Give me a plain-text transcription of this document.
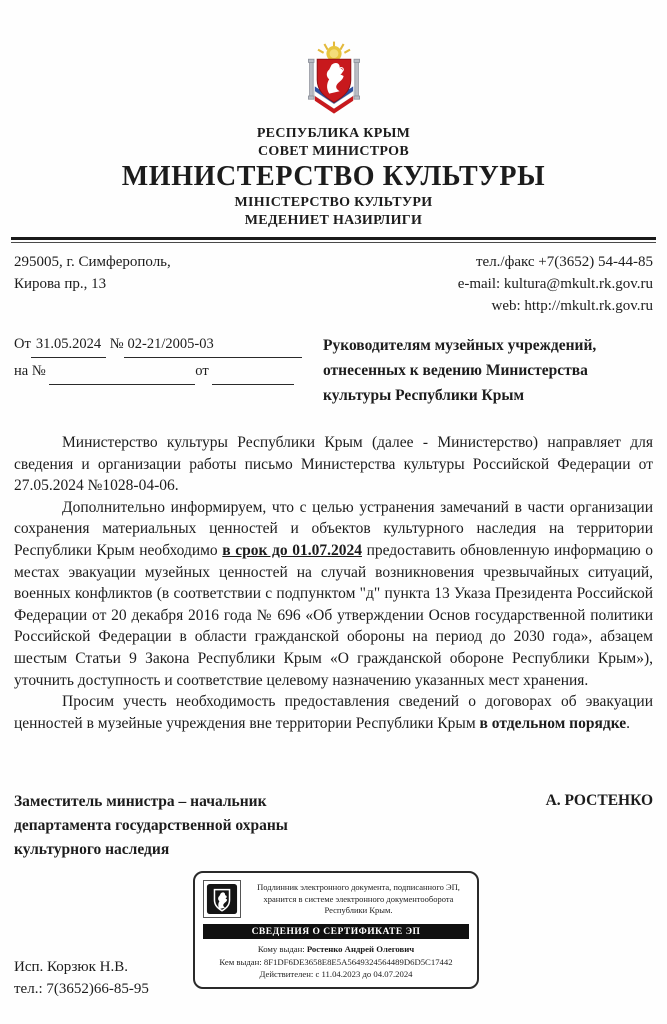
РЕСПУБЛИКА КРЫМ
СОВЕТ МИНИСТРОВ
МИНИСТЕРСТВО КУЛЬТУРЫ
МІНІСТЕРСТВО КУЛЬТУРИ
МЕДЕНИЕТ НАЗИРЛИГИ
295005, г. Симферополь,
Кирова пр., 13
тел./факс +7(3652) 54-44-85
e-mail: kultura@mkult.rk.gov.ru
web: http://mkult.rk.gov.ru
От 31.05.2024 № 02-21/2005-03
на №	от
Руководителям музейных учреждений,
отнесенных к ведению Министерства
культуры Республики Крым

Министерство культуры Республики Крым (далее - Министерство) направляет для сведения и организации работы письмо Министерства культуры Российской Федерации от 27.05.2024 №1028-04-06.

Дополнительно информируем, что с целью устранения замечаний в части организации сохранения материальных ценностей и объектов культурного наследия на территории Республики Крым необходимо в срок до 01.07.2024 предоставить обновленную информацию о местах эвакуации музейных ценностей на случай возникновения чрезвычайных ситуаций, военных конфликтов (в соответствии с подпунктом "д" пункта 13 Указа Президента Российской Федерации от 20 декабря 2016 года № 696 «Об утверждении Основ государственной политики Российской Федерации в области гражданской обороны на период до 2030 года», абзацем шестым Статьи 9 Закона Республики Крым «О гражданской обороне Республики Крым»), уточнить доступность и соответствие целевому назначению указанных мест хранения.

Просим учесть необходимость предоставления сведений о договорах об эвакуации ценностей в музейные учреждения вне территории Республики Крым в отдельном порядке.

Заместитель министра – начальник
департамента государственной охраны
культурного наследия
А. РОСТЕНКО
Подлинник электронного документа, подписанного ЭП, хранится в системе электронного документооборота Республики Крым.
СВЕДЕНИЯ О СЕРТИФИКАТЕ ЭП
Кому выдан: Ростенко Андрей Олегович
Кем выдан: 8F1DF6DE3658E8E5A5649324564489D6D5C17442
Действителен: с 11.04.2023 до 04.07.2024
Исп. Корзюк Н.В.
тел.: 7(3652)66-85-95
